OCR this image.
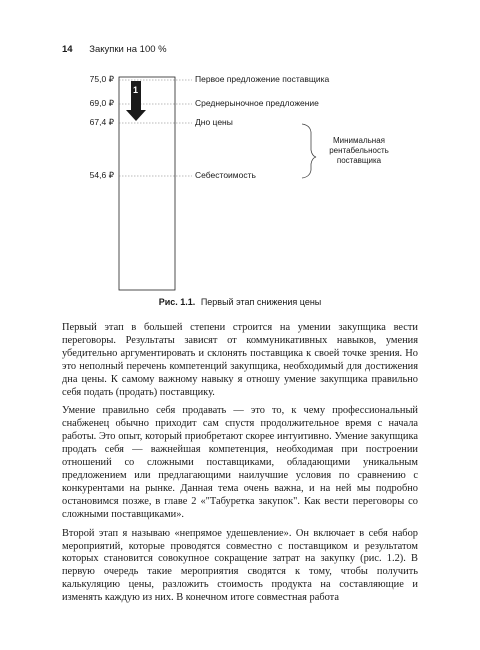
14 Закупки на 100 %
1
75,0 ₽
69,0 ₽
67,4 ₽
54,6 ₽
Первое предложение поставщика
Среднерыночное предложение
Дно цены
Себестоимость
Минимальная
рентабельность
поставщика
Рис. 1.1. Первый этап снижения цены

Первый этап в большей степени строится на умении закупщика вести переговоры. Результаты зависят от коммуникативных навыков, умения убедительно аргументировать и склонять поставщика к своей точке зрения. Но это неполный перечень компетенций закупщика, необходимый для достижения дна цены. К самому важному навыку я отношу умение закупщика правильно себя подать (продать) поставщику.

Умение правильно себя продавать — это то, к чему профессиональный снабженец обычно приходит сам спустя продолжительное время с начала работы. Это опыт, который приобретают скорее интуитивно. Умение закупщика продать себя — важнейшая компетенция, необходимая при построении отношений со сложными поставщиками, обладающими уникальным предложением или предлагающими наилучшие условия по сравнению с конкурентами на рынке. Данная тема очень важна, и на ней мы подробно остановимся позже, в главе 2 «"Табуретка закупок". Как вести переговоры со сложными поставщиками».

Второй этап я называю «непрямое удешевление». Он включает в себя набор мероприятий, которые проводятся совместно с поставщиком и результатом которых становится совокупное сокращение затрат на закупку (рис. 1.2). В первую очередь такие мероприятия сводятся к тому, чтобы получить калькуляцию цены, разложить стоимость продукта на составляющие и изменять каждую из них. В конечном итоге совместная работа
